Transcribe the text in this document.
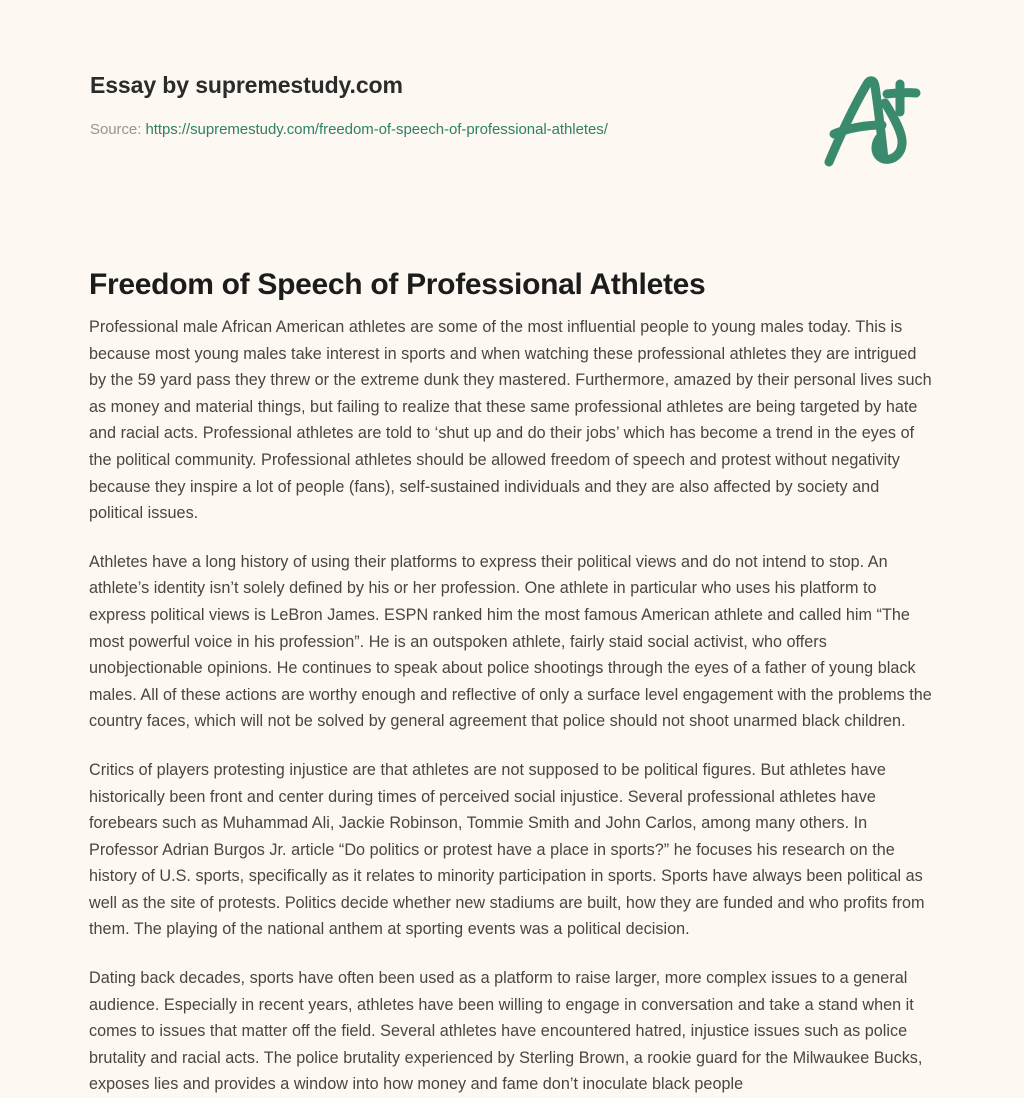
Essay by supremestudy.com
Source: https://supremestudy.com/freedom-of-speech-of-professional-athletes/
Freedom of Speech of Professional Athletes

Professional male African American athletes are some of the most influential people to young males today. This is because most young males take interest in sports and when watching these professional athletes they are intrigued by the 59 yard pass they threw or the extreme dunk they mastered. Furthermore, amazed by their personal lives such as money and material things, but failing to realize that these same professional athletes are being targeted by hate and racial acts. Professional athletes are told to ‘shut up and do their jobs’ which has become a trend in the eyes of the political community. Professional athletes should be allowed freedom of speech and protest without negativity because they inspire a lot of people (fans), self-sustained individuals and they are also affected by society and political issues.

Athletes have a long history of using their platforms to express their political views and do not intend to stop. An athlete’s identity isn’t solely defined by his or her profession. One athlete in particular who uses his platform to express political views is LeBron James. ESPN ranked him the most famous American athlete and called him “The most powerful voice in his profession”. He is an outspoken athlete, fairly staid social activist, who offers unobjectionable opinions. He continues to speak about police shootings through the eyes of a father of young black males. All of these actions are worthy enough and reflective of only a surface level engagement with the problems the country faces, which will not be solved by general agreement that police should not shoot unarmed black children.

Critics of players protesting injustice are that athletes are not supposed to be political figures. But athletes have historically been front and center during times of perceived social injustice. Several professional athletes have forebears such as Muhammad Ali, Jackie Robinson, Tommie Smith and John Carlos, among many others. In Professor Adrian Burgos Jr. article “Do politics or protest have a place in sports?” he focuses his research on the history of U.S. sports, specifically as it relates to minority participation in sports. Sports have always been political as well as the site of protests. Politics decide whether new stadiums are built, how they are funded and who profits from them. The playing of the national anthem at sporting events was a political decision.

Dating back decades, sports have often been used as a platform to raise larger, more complex issues to a general audience. Especially in recent years, athletes have been willing to engage in conversation and take a stand when it comes to issues that matter off the field. Several athletes have encountered hatred, injustice issues such as police brutality and racial acts. The police brutality experienced by Sterling Brown, a rookie guard for the Milwaukee Bucks, exposes lies and provides a window into how money and fame don’t inoculate black people
